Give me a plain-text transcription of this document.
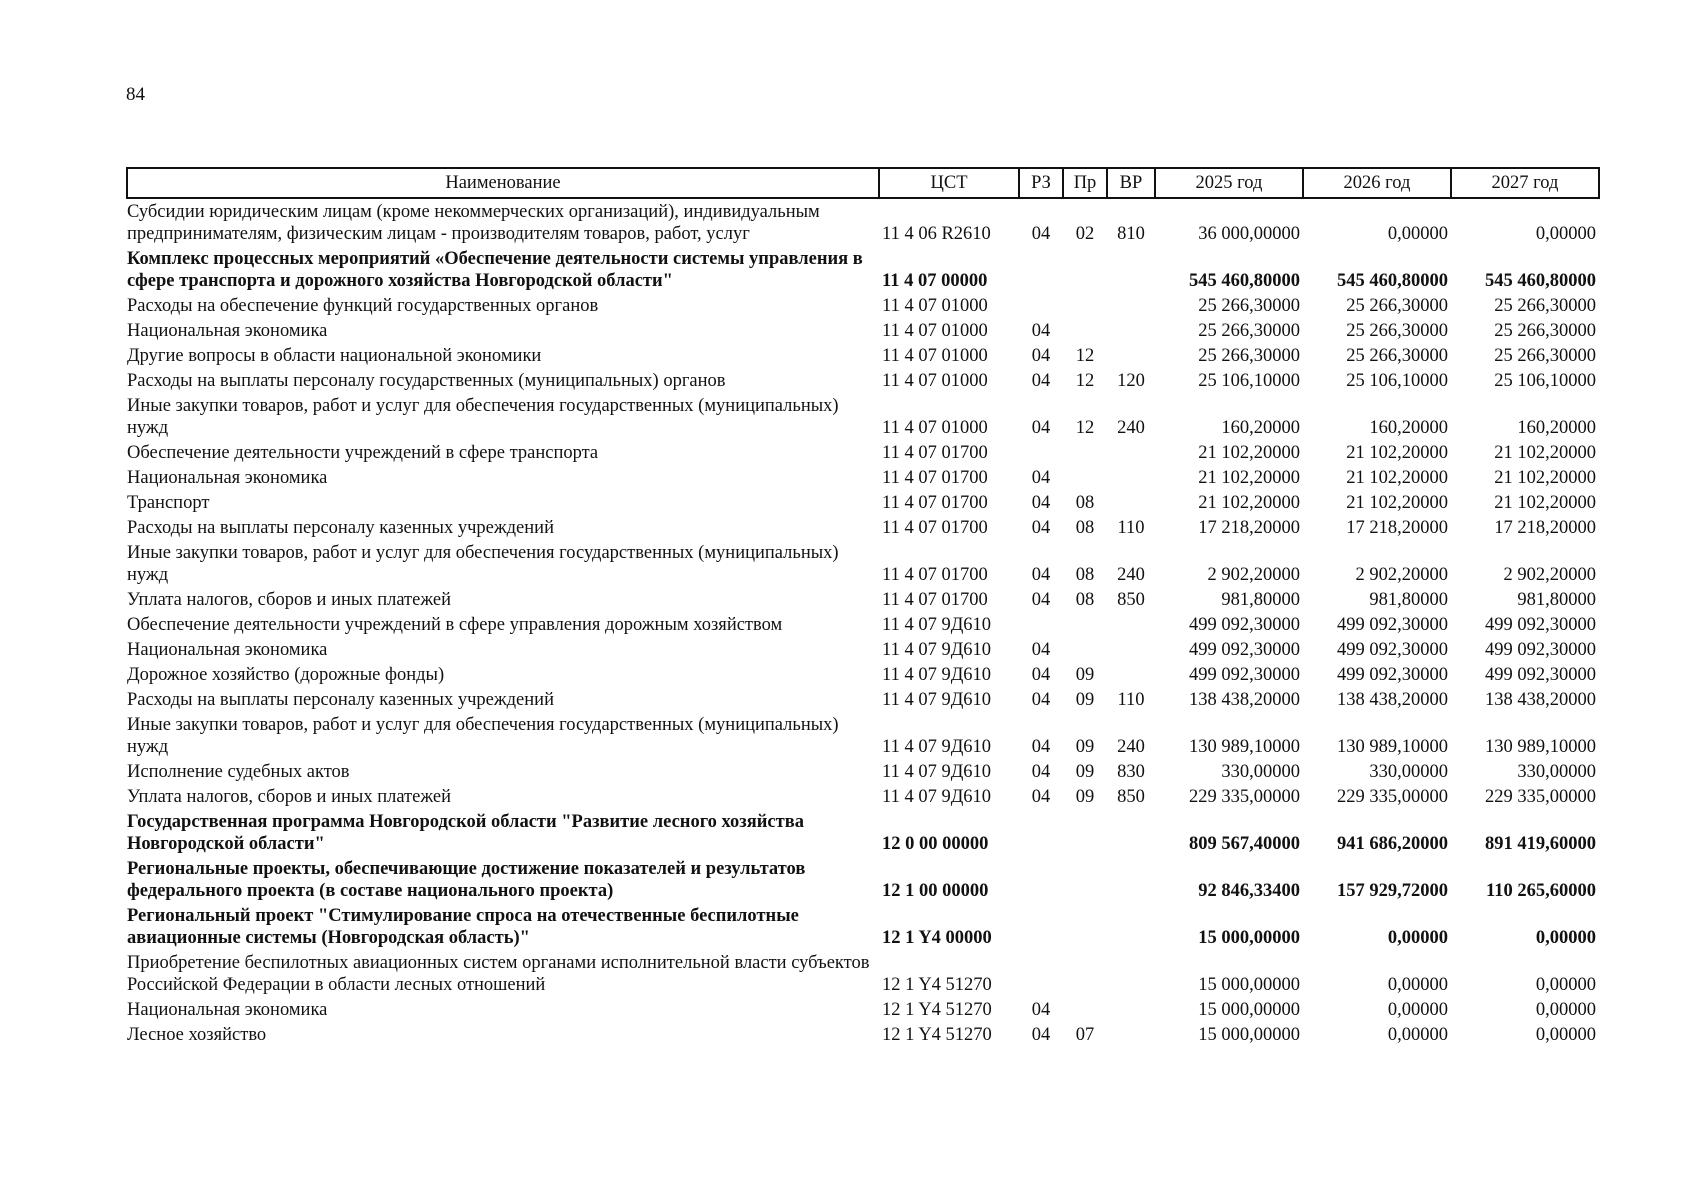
84
Наименование	ЦСТ	РЗ	Пр	ВР	2025 год	2026 год	2027 год
Субсидии юридическим лицам (кроме некоммерческих организаций), индивидуальным предпринимателям, физическим лицам - производителям товаров, работ, услуг	11 4 06 R2610	04	02	810	36 000,00000	0,00000	0,00000
Комплекс процессных мероприятий «Обеспечение деятельности системы управления в сфере транспорта и дорожного хозяйства Новгородской области"	11 4 07 00000				545 460,80000	545 460,80000	545 460,80000
Расходы на обеспечение функций государственных органов	11 4 07 01000				25 266,30000	25 266,30000	25 266,30000
Национальная экономика	11 4 07 01000	04			25 266,30000	25 266,30000	25 266,30000
Другие вопросы в области национальной экономики	11 4 07 01000	04	12		25 266,30000	25 266,30000	25 266,30000
Расходы на выплаты персоналу государственных (муниципальных) органов	11 4 07 01000	04	12	120	25 106,10000	25 106,10000	25 106,10000
Иные закупки товаров, работ и услуг для обеспечения государственных (муниципальных) нужд	11 4 07 01000	04	12	240	160,20000	160,20000	160,20000
Обеспечение деятельности учреждений в сфере транспорта	11 4 07 01700				21 102,20000	21 102,20000	21 102,20000
Национальная экономика	11 4 07 01700	04			21 102,20000	21 102,20000	21 102,20000
Транспорт	11 4 07 01700	04	08		21 102,20000	21 102,20000	21 102,20000
Расходы на выплаты персоналу казенных учреждений	11 4 07 01700	04	08	110	17 218,20000	17 218,20000	17 218,20000
Иные закупки товаров, работ и услуг для обеспечения государственных (муниципальных) нужд	11 4 07 01700	04	08	240	2 902,20000	2 902,20000	2 902,20000
Уплата налогов, сборов и иных платежей	11 4 07 01700	04	08	850	981,80000	981,80000	981,80000
Обеспечение деятельности учреждений в сфере управления дорожным хозяйством	11 4 07 9Д610				499 092,30000	499 092,30000	499 092,30000
Национальная экономика	11 4 07 9Д610	04			499 092,30000	499 092,30000	499 092,30000
Дорожное хозяйство (дорожные фонды)	11 4 07 9Д610	04	09		499 092,30000	499 092,30000	499 092,30000
Расходы на выплаты персоналу казенных учреждений	11 4 07 9Д610	04	09	110	138 438,20000	138 438,20000	138 438,20000
Иные закупки товаров, работ и услуг для обеспечения государственных (муниципальных) нужд	11 4 07 9Д610	04	09	240	130 989,10000	130 989,10000	130 989,10000
Исполнение судебных актов	11 4 07 9Д610	04	09	830	330,00000	330,00000	330,00000
Уплата налогов, сборов и иных платежей	11 4 07 9Д610	04	09	850	229 335,00000	229 335,00000	229 335,00000
Государственная программа Новгородской области "Развитие лесного хозяйства Новгородской области"	12 0 00 00000				809 567,40000	941 686,20000	891 419,60000
Региональные проекты, обеспечивающие достижение показателей и результатов федерального проекта (в составе национального проекта)	12 1 00 00000				92 846,33400	157 929,72000	110 265,60000
Региональный проект "Стимулирование спроса на отечественные беспилотные авиационные системы (Новгородская область)"	12 1 Y4 00000				15 000,00000	0,00000	0,00000
Приобретение беспилотных авиационных систем органами исполнительной власти субъектов Российской Федерации в области лесных отношений	12 1 Y4 51270				15 000,00000	0,00000	0,00000
Национальная экономика	12 1 Y4 51270	04			15 000,00000	0,00000	0,00000
Лесное хозяйство	12 1 Y4 51270	04	07		15 000,00000	0,00000	0,00000
